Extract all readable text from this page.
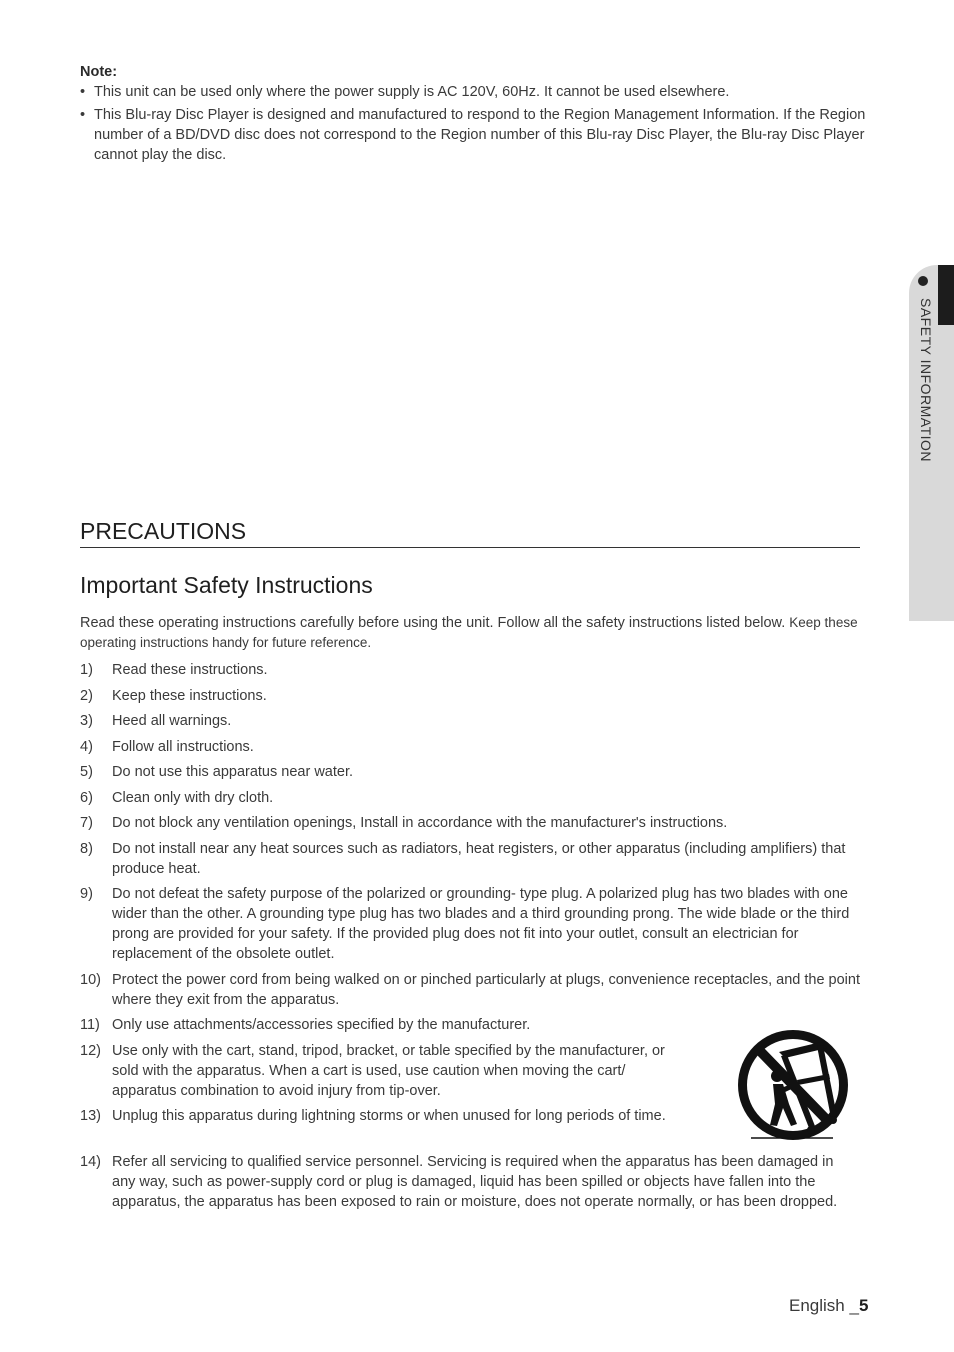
Note:
• This unit can be used only where the power supply is AC 120V, 60Hz. It cannot be used elsewhere.
• This Blu-ray Disc Player is designed and manufactured to respond to the Region Management Information. If the Region number of a BD/DVD disc does not correspond to the Region number of this Blu-ray Disc Player, the Blu-ray Disc Player cannot play the disc.
SAFETY INFORMATION
PRECAUTIONS
Important Safety Instructions
Read these operating instructions carefully before using the unit. Follow all the safety instructions listed below. Keep these operating instructions handy for future reference.
1) Read these instructions.
2) Keep these instructions.
3) Heed all warnings.
4) Follow all instructions.
5) Do not use this apparatus near water.
6) Clean only with dry cloth.
7) Do not block any ventilation openings, Install in accordance with the manufacturer's instructions.
8) Do not install near any heat sources such as radiators, heat registers, or other apparatus (including amplifiers) that produce heat.
9) Do not defeat the safety purpose of the polarized or grounding- type plug. A polarized plug has two blades with one wider than the other. A grounding type plug has two blades and a third grounding prong. The wide blade or the third prong are provided for your safety. If the provided plug does not fit into your outlet, consult an electrician for replacement of the obsolete outlet.
10) Protect the power cord from being walked on or pinched particularly at plugs, convenience receptacles, and the point where they exit from the apparatus.
11) Only use attachments/accessories specified by the manufacturer.
12) Use only with the cart, stand, tripod, bracket, or table specified by the manufacturer, or sold with the apparatus. When a cart is used, use caution when moving the cart/ apparatus combination to avoid injury from tip-over.
13) Unplug this apparatus during lightning storms or when unused for long periods of time.
14) Refer all servicing to qualified service personnel. Servicing is required when the apparatus has been damaged in any way, such as power-supply cord or plug is damaged, liquid has been spilled or objects have fallen into the apparatus, the apparatus has been exposed to rain or moisture, does not operate normally, or has been dropped.
English _5
